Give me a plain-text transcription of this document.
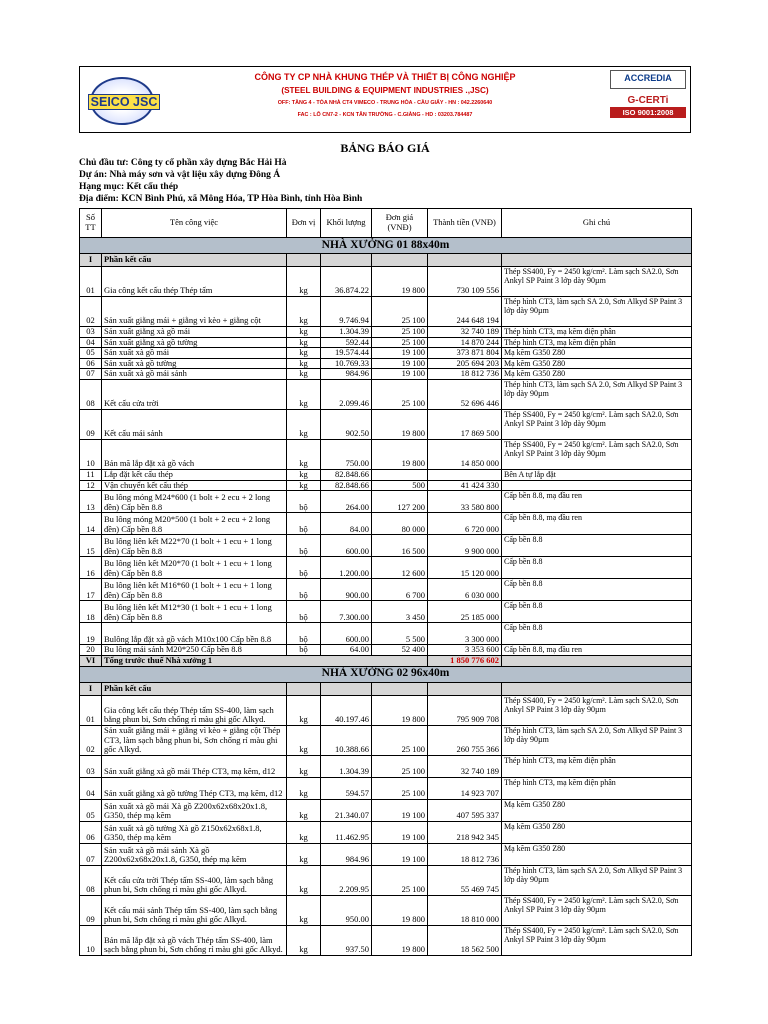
SEICO JSC
CÔNG TY CP NHÀ KHUNG THÉP VÀ THIẾT BỊ CÔNG NGHIỆP
(STEEL BUILDING & EQUIPMENT INDUSTRIES .,JSC)
OFF: TẦNG 4 - TÒA NHÀ CT4 VIMECO - TRUNG HÒA - CẦU GIẤY - HN : 042.2260640
FAC : LÔ CN7-2 - KCN TÂN TRƯỜNG - C.GIÀNG - HD : 03203.784487
ACCREDIA
G-CERTi
ISO 9001:2008
BẢNG BÁO GIÁ
Chủ đầu tư: Công ty cổ phần xây dựng Bắc Hải Hà
Dự án: Nhà máy sơn và vật liệu xây dựng Đông Á
Hạng mục: Kết cấu thép
Địa điểm: KCN Bình Phú, xã Mông Hóa, TP Hòa Bình, tỉnh Hòa Bình
Số TT	Tên công việc	Đơn vị	Khối lượng	Đơn giá (VNĐ)	Thành tiền (VNĐ)	Ghi chú
NHÀ XƯỞNG 01 88x40m						
I	Phần kết cấu					
01	Gia công kết cấu thép Thép tấm	kg	36.874.22	19 800	730 109 556	Thép SS400, Fy = 2450 kg/cm². Làm sạch SA2.0, Sơn Ankyl SP Paint 3 lớp dày 90µm
02	Sản xuất giằng mái + giằng vì kèo + giằng cột	kg	9.746.94	25 100	244 648 194	Thép hình CT3, làm sạch SA 2.0, Sơn Alkyd SP Paint 3 lớp dày 90µm
03	Sản xuất giằng xà gồ mái	kg	1.304.39	25 100	32 740 189	Thép hình CT3, mạ kẽm điện phân
04	Sản xuất giằng xà gồ tường	kg	592.44	25 100	14 870 244	Thép hình CT3, mạ kẽm điện phân
05	Sản xuất xà gồ mái	kg	19.574.44	19 100	373 871 804	Mạ kẽm G350 Z80
06	Sản xuất xà gồ tường	kg	10.769.33	19 100	205 694 203	Mạ kẽm G350 Z80
07	Sản xuất xà gồ mái sảnh	kg	984.96	19 100	18 812 736	Mạ kẽm G350 Z80
08	Kết cấu cửa trời	kg	2.099.46	25 100	52 696 446	Thép hình CT3, làm sạch SA 2.0, Sơn Alkyd SP Paint 3 lớp dày 90µm
09	Kết cấu mái sảnh	kg	902.50	19 800	17 869 500	Thép SS400, Fy = 2450 kg/cm². Làm sạch SA2.0, Sơn Ankyl SP Paint 3 lớp dày 90µm
10	Bản mã lắp đặt xà gồ vách	kg	750.00	19 800	14 850 000	Thép SS400, Fy = 2450 kg/cm². Làm sạch SA2.0, Sơn Ankyl SP Paint 3 lớp dày 90µm
11	Lắp đặt kết cấu thép	kg	82.848.66			Bên A tự lắp đặt
12	Vận chuyển kết cấu thép	kg	82.848.66	500	41 424 330	
13	Bu lông móng M24*600 (1 bolt + 2 ecu + 2 long đền) Cấp bền 8.8	bộ	264.00	127 200	33 580 800	Cấp bền 8.8, mạ đầu ren
14	Bu lông móng M20*500 (1 bolt + 2 ecu + 2 long đền) Cấp bền 8.8	bộ	84.00	80 000	6 720 000	Cấp bền 8.8, mạ đầu ren
15	Bu lông liên kết M22*70 (1 bolt + 1 ecu + 1 long đền) Cấp bền 8.8	bộ	600.00	16 500	9 900 000	Cấp bền 8.8
16	Bu lông liên kết M20*70 (1 bolt + 1 ecu + 1 long đền) Cấp bền 8.8	bộ	1.200.00	12 600	15 120 000	Cấp bền 8.8
17	Bu lông liên kết M16*60 (1 bolt + 1 ecu + 1 long đền) Cấp bền 8.8	bộ	900.00	6 700	6 030 000	Cấp bền 8.8
18	Bu lông liên kết M12*30 (1 bolt + 1 ecu + 1 long đền) Cấp bền 8.8	bộ	7.300.00	3 450	25 185 000	Cấp bền 8.8
19	Bulông lắp đặt xà gồ vách M10x100 Cấp bền 8.8	bộ	600.00	5 500	3 300 000	Cấp bền 8.8
20	Bu lông mái sảnh M20*250 Cấp bền 8.8	bộ	64.00	52 400	3 353 600	Cấp bền 8.8, mạ đầu ren
VI	Tổng trước thuế Nhà xưởng 1				1 850 776 602	
NHÀ XƯỞNG 02 96x40m						
I	Phần kết cấu					
01	Gia công kết cấu thép Thép tấm SS-400, làm sạch bằng phun bi, Sơn chống rỉ màu ghi gốc Alkyd.	kg	40.197.46	19 800	795 909 708	Thép SS400, Fy = 2450 kg/cm². Làm sạch SA2.0, Sơn Ankyl SP Paint 3 lớp dày 90µm
02	Sản xuất giằng mái + giằng vì kèo + giằng cột Thép CT3, làm sạch bằng phun bi, Sơn chống rỉ màu ghi gốc Alkyd.	kg	10.388.66	25 100	260 755 366	Thép hình CT3, làm sạch SA 2.0, Sơn Alkyd SP Paint 3 lớp dày 90µm
03	Sản xuất giằng xà gồ mái Thép CT3, mạ kẽm, d12	kg	1.304.39	25 100	32 740 189	Thép hình CT3, mạ kẽm điện phân
04	Sản xuất giằng xà gồ tường Thép CT3, mạ kẽm, d12	kg	594.57	25 100	14 923 707	Thép hình CT3, mạ kẽm điện phân
05	Sản xuất xà gồ mái Xà gồ Z200x62x68x20x1.8, G350, thép mạ kẽm	kg	21.340.07	19 100	407 595 337	Mạ kẽm G350 Z80
06	Sản xuất xà gồ tường Xà gồ Z150x62x68x1.8, G350, thép mạ kẽm	kg	11.462.95	19 100	218 942 345	Mạ kẽm G350 Z80
07	Sản xuất xà gồ mái sảnh Xà gồ Z200x62x68x20x1.8, G350, thép mạ kẽm	kg	984.96	19 100	18 812 736	Mạ kẽm G350 Z80
08	Kết cấu cửa trời Thép tấm SS-400, làm sạch bằng phun bi, Sơn chống rỉ màu ghi gốc Alkyd.	kg	2.209.95	25 100	55 469 745	Thép hình CT3, làm sạch SA 2.0, Sơn Alkyd SP Paint 3 lớp dày 90µm
09	Kết cấu mái sảnh Thép tấm SS-400, làm sạch bằng phun bi, Sơn chống rỉ màu ghi gốc Alkyd.	kg	950.00	19 800	18 810 000	Thép SS400, Fy = 2450 kg/cm². Làm sạch SA2.0, Sơn Ankyl SP Paint 3 lớp dày 90µm
10	Bản mã lắp đặt xà gồ vách Thép tấm SS-400, làm sạch bằng phun bi, Sơn chống rỉ màu ghi gốc Alkyd.	kg	937.50	19 800	18 562 500	Thép SS400, Fy = 2450 kg/cm². Làm sạch SA2.0, Sơn Ankyl SP Paint 3 lớp dày 90µm
